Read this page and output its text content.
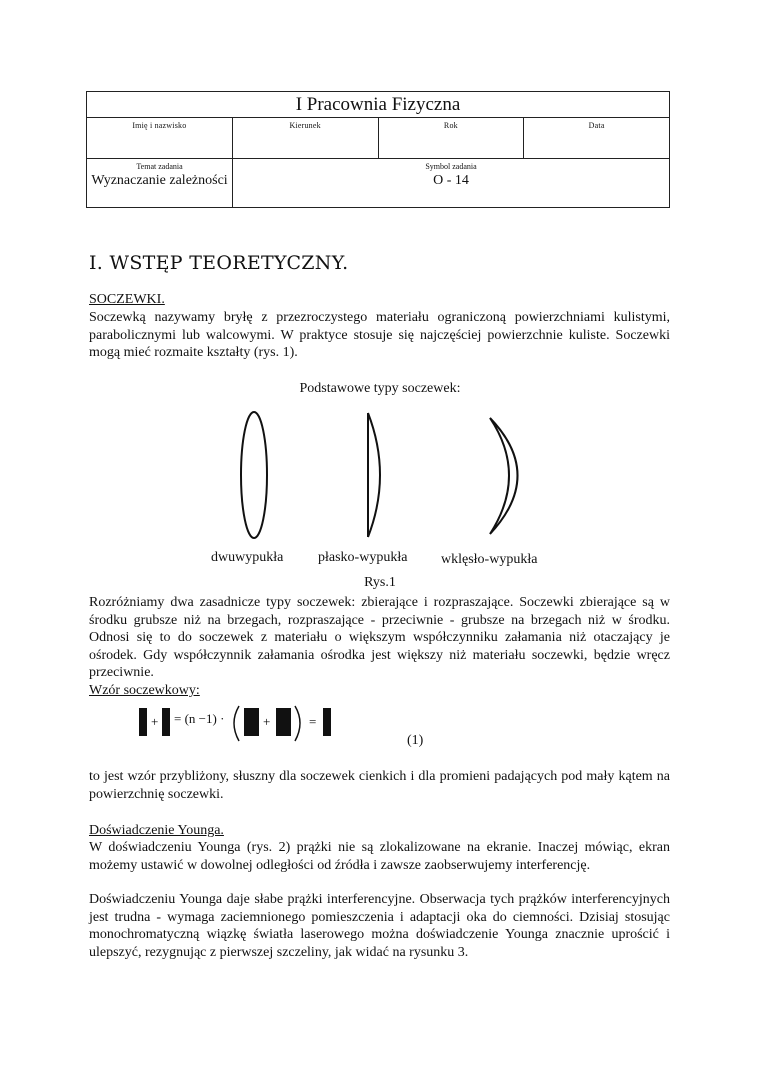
I Pracownia Fizyczna
Imię i nazwisko	Kierunek	Rok	Data
Temat zadania
Wyznaczanie zależności
Symbol zadania
O - 14
I. WSTĘP TEORETYCZNY.
SOCZEWKI.
Soczewką nazywamy bryłę z przezroczystego materiału ograniczoną powierzchniami kulistymi, parabolicznymi lub walcowymi. W praktyce stosuje się najczęściej powierzchnie kuliste. Soczewki mogą mieć rozmaite kształty (rys. 1).
Podstawowe typy soczewek:
dwuwypukła płasko-wypukła wklęsło-wypukła
Rys.1
Rozróżniamy dwa zasadnicze typy soczewek: zbierające i rozpraszające. Soczewki zbierające są w środku grubsze niż na brzegach, rozpraszające - przeciwnie - grubsze na brzegach niż w środku. Odnosi się to do soczewek z materiału o większym współczynniku załamania niż otaczający je ośrodek. Gdy współczynnik załamania ośrodka jest większy niż materiału soczewki, będzie wręcz przeciwnie.
Wzór soczewkowy:
+	+	=
= (n −1) ·
(1)
to jest wzór przybliżony, słuszny dla soczewek cienkich i dla promieni padających pod mały kątem na powierzchnię soczewki.
Doświadczenie Younga.
W doświadczeniu Younga (rys. 2) prążki nie są zlokalizowane na ekranie. Inaczej mówiąc, ekran możemy ustawić w dowolnej odległości od źródła i zawsze zaobserwujemy interferencję.
Doświadczeniu Younga daje słabe prążki interferencyjne. Obserwacja tych prążków interferencyjnych jest trudna - wymaga zaciemnionego pomieszczenia i adaptacji oka do ciemności. Dzisiaj stosując monochromatyczną wiązkę światła laserowego można doświadczenie Younga znacznie uprościć i ulepszyć, rezygnując z pierwszej szczeliny, jak widać na rysunku 3.
